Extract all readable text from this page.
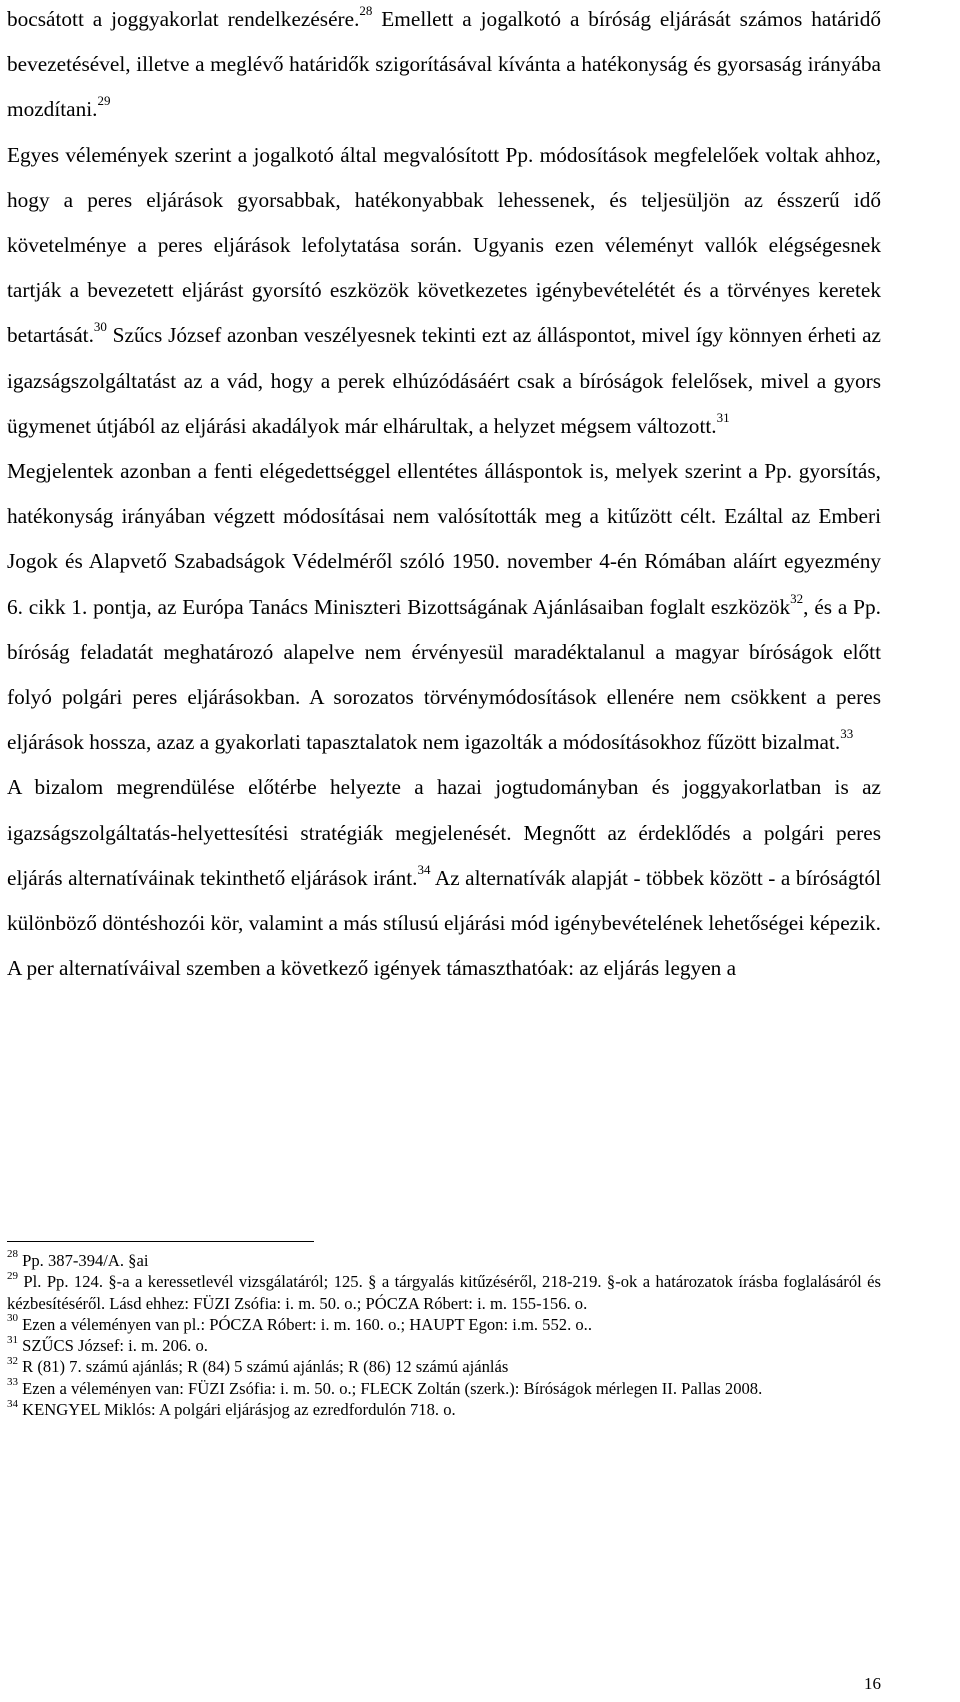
bocsátott a joggyakorlat rendelkezésére.$^{28}$ Emellett a jogalkotó a bíróság eljárását számos határidő bevezetésével, illetve a meglévő határidők szigorításával kívánta a hatékonyság és gyorsaság irányába mozdítani.$^{29}$

Egyes vélemények szerint a jogalkotó által megvalósított Pp. módosítások megfelelőek voltak ahhoz, hogy a peres eljárások gyorsabbak, hatékonyabbak lehessenek, és teljesüljön az ésszerű idő követelménye a peres eljárások lefolytatása során. Ugyanis ezen véleményt vallók elégségesnek tartják a bevezetett eljárást gyorsító eszközök következetes igénybevételétét és a törvényes keretek betartását.$^{30}$ Szűcs József azonban veszélyesnek tekinti ezt az álláspontot, mivel így könnyen érheti az igazságszolgáltatást az a vád, hogy a perek elhúzódásáért csak a bíróságok felelősek, mivel a gyors ügymenet útjából az eljárási akadályok már elhárultak, a helyzet mégsem változott.$^{31}$

Megjelentek azonban a fenti elégedettséggel ellentétes álláspontok is, melyek szerint a Pp. gyorsítás, hatékonyság irányában végzett módosításai nem valósították meg a kitűzött célt. Ezáltal az Emberi Jogok és Alapvető Szabadságok Védelméről szóló 1950. november 4-én Rómában aláírt egyezmény 6. cikk 1. pontja, az Európa Tanács Miniszteri Bizottságának Ajánlásaiban foglalt eszközök$^{32}$, és a Pp. bíróság feladatát meghatározó alapelve nem érvényesül maradéktalanul a magyar bíróságok előtt folyó polgári peres eljárásokban. A sorozatos törvénymódosítások ellenére nem csökkent a peres eljárások hossza, azaz a gyakorlati tapasztalatok nem igazolták a módosításokhoz fűzött bizalmat.$^{33}$

A bizalom megrendülése előtérbe helyezte a hazai jogtudományban és joggyakorlatban is az igazságszolgáltatás-helyettesítési stratégiák megjelenését. Megnőtt az érdeklődés a polgári peres eljárás alternatíváinak tekinthető eljárások iránt.$^{34}$ Az alternatívák alapját - többek között - a bíróságtól különböző döntéshozói kör, valamint a más stílusú eljárási mód igénybevételének lehetőségei képezik. A per alternatíváival szemben a következő igények támaszthatóak: az eljárás legyen a

$^{28}$ Pp. 387-394/A. §ai

$^{29}$ Pl. Pp. 124. §-a a keressetlevél vizsgálatáról; 125. § a tárgyalás kitűzéséről, 218-219. §-ok a határozatok írásba foglalásáról és kézbesítéséről. Lásd ehhez: FÜZI Zsófia: i. m. 50. o.; PÓCZA Róbert: i. m. 155-156. o.

$^{30}$ Ezen a véleményen van pl.: PÓCZA Róbert: i. m. 160. o.; HAUPT Egon: i.m. 552. o..

$^{31}$ SZŰCS József: i. m. 206. o.

$^{32}$ R (81) 7. számú ajánlás; R (84) 5 számú ajánlás; R (86) 12 számú ajánlás

$^{33}$ Ezen a véleményen van: FÜZI Zsófia: i. m. 50. o.; FLECK Zoltán (szerk.): Bíróságok mérlegen II. Pallas 2008.

$^{34}$ KENGYEL Miklós: A polgári eljárásjog az ezredfordulón 718. o.

16
